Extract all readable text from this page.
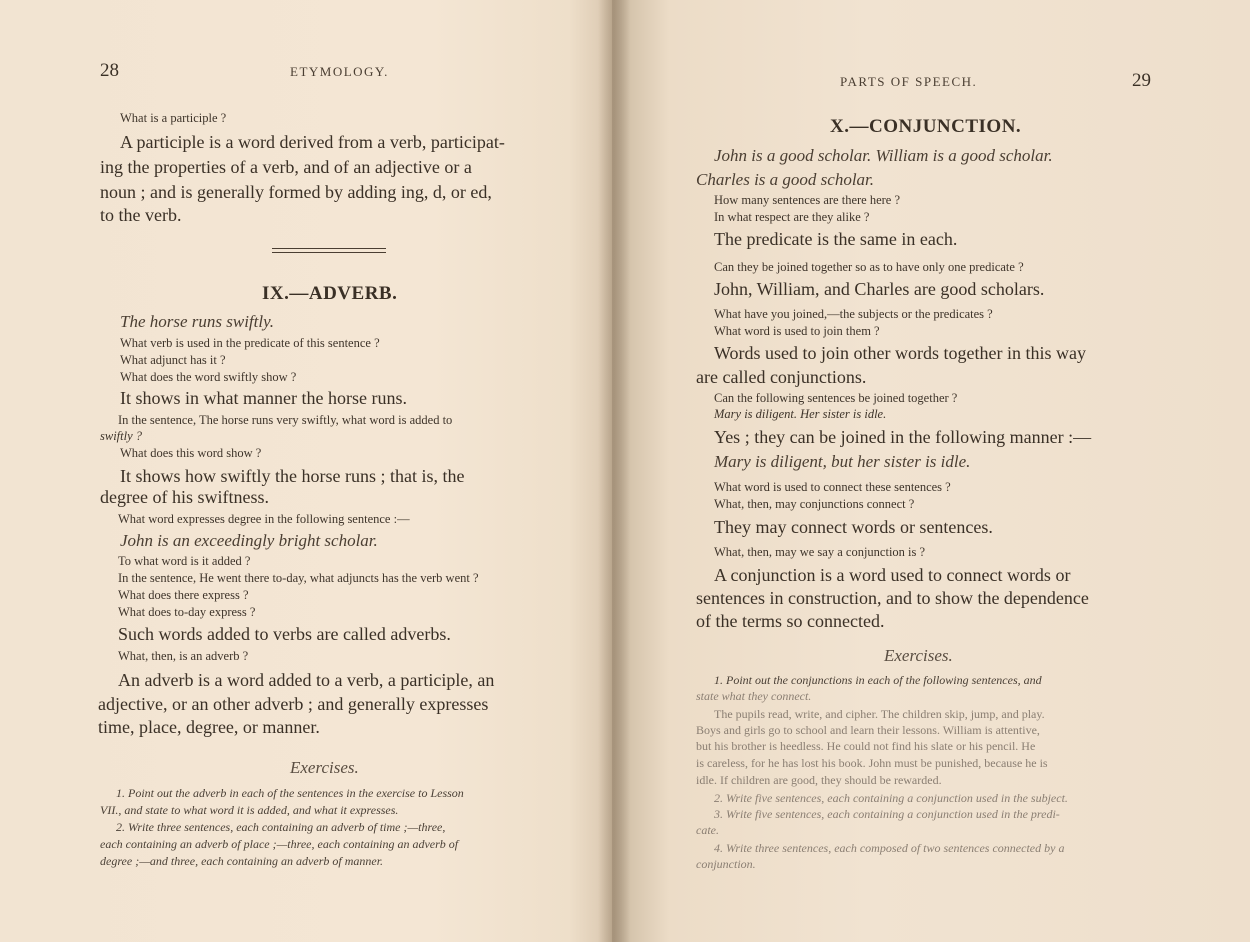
28	ETYMOLOGY.
What is a participle ?
A participle is a word derived from a verb, participat-
ing the properties of a verb, and of an adjective or a
noun ; and is generally formed by adding ing, d, or ed,
to the verb.
IX.—ADVERB.
The horse runs swiftly.
What verb is used in the predicate of this sentence ?
What adjunct has it ?
What does the word swiftly show ?
It shows in what manner the horse runs.
In the sentence, The horse runs very swiftly, what word is added to
swiftly ?
What does this word show ?
It shows how swiftly the horse runs ; that is, the
degree of his swiftness.
What word expresses degree in the following sentence :—
John is an exceedingly bright scholar.
To what word is it added ?
In the sentence, He went there to-day, what adjuncts has the verb went ?
What does there express ?
What does to-day express ?
Such words added to verbs are called adverbs.
What, then, is an adverb ?
An adverb is a word added to a verb, a participle, an
adjective, or an other adverb ; and generally expresses
time, place, degree, or manner.
Exercises.
1. Point out the adverb in each of the sentences in the exercise to Lesson
VII., and state to what word it is added, and what it expresses.
2. Write three sentences, each containing an adverb of time ;—three,
each containing an adverb of place ;—three, each containing an adverb of
degree ;—and three, each containing an adverb of manner.
PARTS OF SPEECH.	29
X.—CONJUNCTION.
John is a good scholar. William is a good scholar.
Charles is a good scholar.
How many sentences are there here ?
In what respect are they alike ?
The predicate is the same in each.
Can they be joined together so as to have only one predicate ?
John, William, and Charles are good scholars.
What have you joined,—the subjects or the predicates ?
What word is used to join them ?
Words used to join other words together in this way
are called conjunctions.
Can the following sentences be joined together ?
Mary is diligent. Her sister is idle.
Yes ; they can be joined in the following manner :—
Mary is diligent, but her sister is idle.
What word is used to connect these sentences ?
What, then, may conjunctions connect ?
They may connect words or sentences.
What, then, may we say a conjunction is ?
A conjunction is a word used to connect words or
sentences in construction, and to show the dependence
of the terms so connected.
Exercises.
1. Point out the conjunctions in each of the following sentences, and
state what they connect.
The pupils read, write, and cipher. The children skip, jump, and play.
Boys and girls go to school and learn their lessons. William is attentive,
but his brother is heedless. He could not find his slate or his pencil. He
is careless, for he has lost his book. John must be punished, because he is
idle. If children are good, they should be rewarded.
2. Write five sentences, each containing a conjunction used in the subject.
3. Write five sentences, each containing a conjunction used in the predi-
cate.
4. Write three sentences, each composed of two sentences connected by a
conjunction.
